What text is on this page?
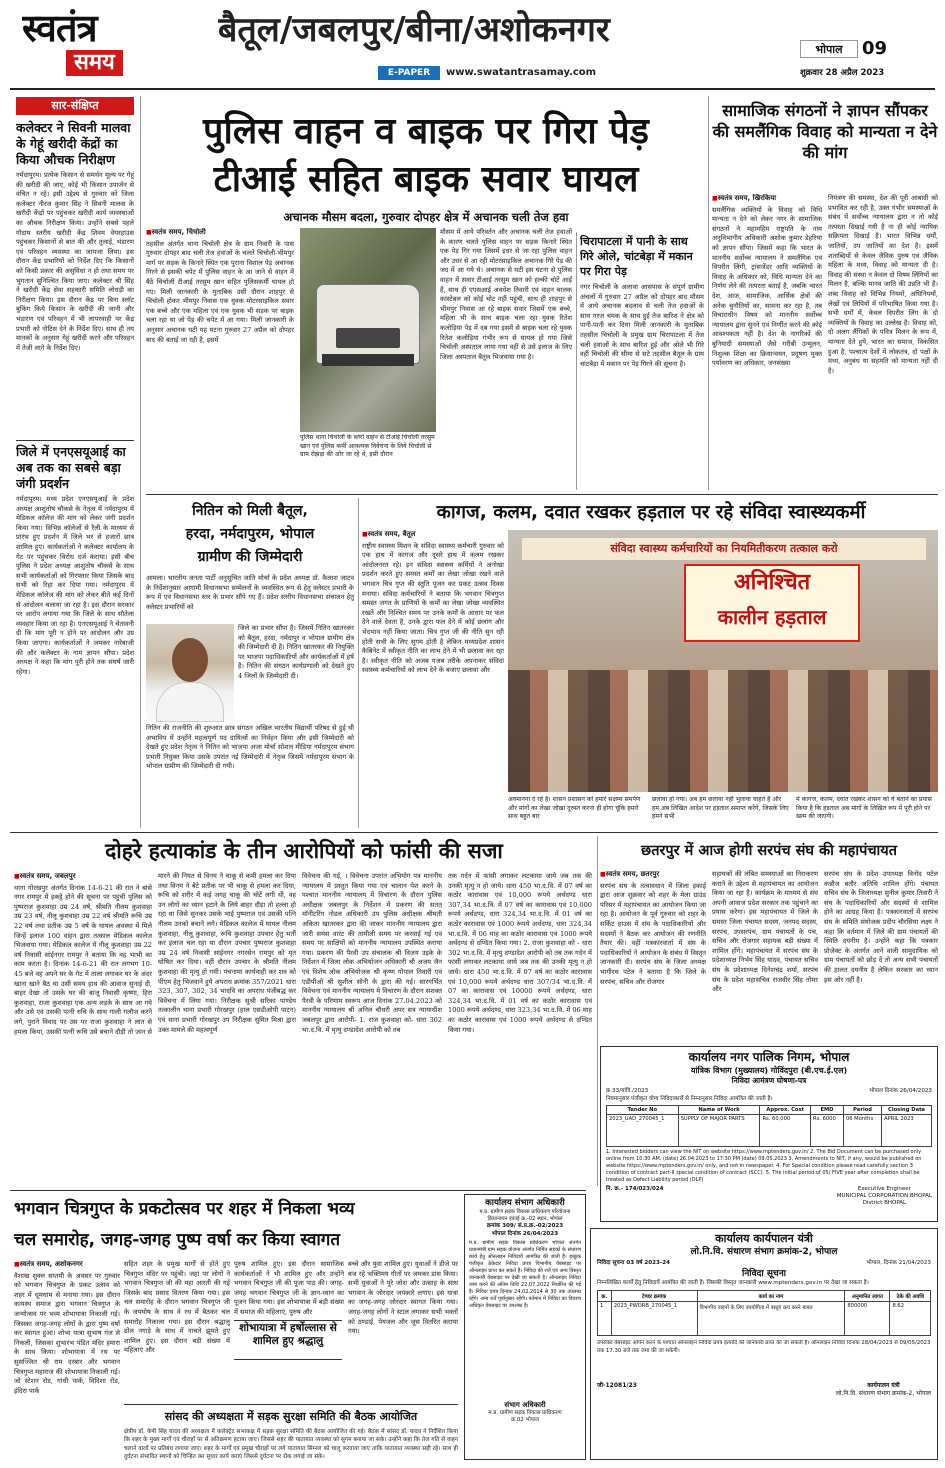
स्वतंत्र
समय
बैतूल/जबलपुर/बीना/अशोकनगर
E-PAPER	www.swatantrasamay.com
भोपाल	09
शुक्रवार 28 अप्रैल 2023
सार-संक्षिप्त
कलेक्टर ने सिवनी मालवा के गेहूं खरीदी केंद्रों का किया औचक निरीक्षण
नर्मदापुरम। प्रत्येक किसान से समर्थन मूल्य पर गेहूं की खरीदी की जाए, कोई भी किसान उपार्जन से वंचित न रहे। इसी उद्देश्य से गुरुवार को जिला कलेक्टर नीरज कुमार सिंह ने सिवनी मालवा के खरीदी केंद्रों पर पहुंचकर खरीदी कार्य व्यवस्थाओं का औचक निरीक्षण किया। उन्होंने सबसे पहले गोदाम स्तरीय खरीदी केंद्र शिवम वेयरहाउस पहुंचकर किसानों से बात की और तुलाई, भंडारण एवं परिवहन व्यवस्था का जायजा लिया। इस दौरान केंद्र प्रभारियों को निर्देश दिए कि किसानों को किसी प्रकार की असुविधा न हो तथा समय पर भुगतान सुनिश्चित किया जाए। कलेक्टर श्री सिंह ने खरीदी केंद्र सेवा सहकारी समिति लोधड़ी का निरीक्षण किया। इस दौरान केंद्र पर बिना स्लॉट बुकिंग किये किसान के खरीदी की जानी और भंडारण एवं परिवहन में भी लापरवाही पर केंद्र प्रभारी को नोटिस देने के निर्देश दिए। साथ ही तय मानकों के अनुसार गेहूं खरीदी करने और परिवहन में तेजी लाने के निर्देश दिए।
जिले में एनएसयूआई का अब तक का सबसे बड़ा जंगी प्रदर्शन
नर्मदापुरम। मध्य प्रदेश एनएसयूआई के प्रदेश अध्यक्ष आशुतोष चौकसे के नेतृत्व में नर्मदापुरम में मेडिकल कॉलेज की मांग को लेकर जंगी प्रदर्शन किया गया। विभिन्न कॉलेजों से रैली के माध्यम से प्रारंभ हुए प्रदर्शन में जिले भर से हजारों छात्र शामिल हुए। कार्यकर्ताओं ने कलेक्टर कार्यालय के गेट पर पहुंचकर विरोध दर्ज कराया। इसी बीच पुलिस ने प्रदेश अध्यक्ष आशुतोष चौकसे के साथ सभी कार्यकर्ताओं को गिरफ्तार किया जिसके बाद सभी को रिहा कर दिया गया। नर्मदापुरम में मेडिकल कॉलेज की मांग को लेकर बीते कई दिनों से आंदोलन चलाया जा रहा है। इस दौरान सरकार पर आरोप लगाया गया कि जिले के साथ सौतेला व्यवहार किया जा रहा है। एनएसयूआई ने चेतावनी दी कि मांग पूरी न होने पर आंदोलन और उग्र किया जाएगा। कार्यकर्ताओं ने जमकर नारेबाजी की और कलेक्टर के नाम ज्ञापन सौंपा। प्रदेश अध्यक्ष ने कहा कि मांग पूरी होने तक संघर्ष जारी रहेगा।
पुलिस वाहन व बाइक पर गिरा पेड़
टीआई सहित बाइक सवार घायल
अचानक मौसम बदला, गुरुवार दोपहर क्षेत्र में अचानक चली तेज हवा
■ स्वतंत्र समय, चिचोली
तहसील अंतर्गत थाना चिचोली क्षेत्र के ग्राम निवारी के पास गुरुवार दोपहर बाद चली तेज हवाओं के चलते चिचोली-भीमपुर मार्ग पर सड़क के किनारे स्थित एक पुराना विशाल पेड़ अचानक गिरने से इसकी चपेट में पुलिस वाहन के आ जाने से वाहन में बैठे चिचोली टीआई तरसुम खान सहित पुलिसकर्मी घायल हो गए। मिली जानकारी के मुताबिक उसी दौरान शाहपुर से चिचोली होकर भीमपुर निवास एक युवक मोटरसाइकिल सवार एक बच्चे और एक महिला एवं एक युवक भी सड़क पर बाइक चला रहा था जो पेड़ की चपेट में आ गया। मिली जानकारी के अनुसार अचानक घटी यह घटना गुरुवार 27 अप्रैल को दोपहर बाद की बताई जा रही है, इसमें
पुलिस थाना चिचोली के ब्लेरो वाहन से टीआई चिचोली तरसुम खान एवं पुलिस कर्मी आवश्यक विवेचना के लिये चिचोली से ग्राम रोझड़ा की ओर जा रहे थे, इसी दौरान
मौसम में आये परिवर्तन और अचानक चली तेज हवाओं के कारण चलते पुलिस वाहन पर सड़क किनारे स्थित एक पेड़ गिर गया जिसमें इधर से जा रहा पुलिस वाहन और उधर से आ रही मोटरसाइकिल अचानक गिरे पेड़ की जद में आ गये थे। अचानक से घटी इस घटना से पुलिस वाहन में सवार टीआई तरसुम खान को हल्की चोटें आईं हैं, साथ ही एएसआई अवधेश तिवारी एवं वाहन चालक कांस्टेबल को कोई चोट नहीं पहुंची, साथ ही शाहपुर से भीमपुर निवास आ रहे बाइक सवार जिसमें एक बच्चे, महिला भी के साथ बाइक चला रहा युवक रितेश कलोड़िया पेड़ में दब गया इसमें से बाइक चला रहे युवक रितेश कलोड़िया गंभीर रूप से घायल हो गया जिसे चिचोली अस्पताल लाया गया वहीं से उसे इलाज के लिए जिला अस्पताल बैतूल भिजवाया गया है।
चिरापाटला में पानी के साथ गिरे ओले, चांटबेड़ा में मकान पर गिरा पेड़
नगर चिचोली के अलावा आसपास के संपूर्ण ग्रामीण अंचलों में गुरुवार 27 अप्रैल को दोपहर बाद मौसम में आये अचानक बदलाव से चली तेज हवाओं के साथ गरज चमक के साथ हुई तेज बारिश ने क्षेत्र को पानी-पानी कर दिया मिली जानकारी के मुताबिक तहसील चिचोली के प्रमुख ग्राम चिरापाटला में तेज चली हवाओं के साथ बारिश हुई और ओले भी गिरे वहीं चिचोली की सीमा से सटे तहसील बैतूल के ग्राम चांटबेड़ा में मकान पर पेड़ गिरने की सूचना है।
सामाजिक संगठनों ने ज्ञापन सौंपकर की समलैंगिक विवाह को मान्यता न देने की मांग
■ स्वतंत्र समय, खिरकिया
समलैंगिक व्यक्तियों के विवाह को विधि मान्यता न देने को लेकर नगर के सामाजिक संगठनों ने महामहिम राष्ट्रपति के नाम अनुविभागीय अधिकारी अशोक कुमार डेहरिया को ज्ञापन सौंपा। जिसमें कहा कि भारत के माननीय सर्वोच्च न्यायालय ने समलैंगिक एवं विपरीत लिंगी, ट्रांसजेंडर आदि व्यक्तियों के विवाह के अधिकार को, विधि मान्यता देने का निर्णय लेने की तत्परता बताई है, जबकि भारत देश, आज, सामाजिक, आर्थिक क्षेत्रों की अनेक चुनौतियों का, सामना कर रहा है, तब विचाराधीन विषय को माननीय सर्वोच्च न्यायालय द्वारा सुनने एवं निर्णीत करने की कोई आवश्यकता नहीं है। देश के नागरिकों की बुनियादी समस्याओं जैसे गरीबी उन्मूलन, निशुल्क शिक्षा का क्रियान्वयन, प्रदूषण मुक्त पर्यावरण का अधिकार, जनसंख्या
नियंत्रण की समस्या, देश की पूरी आबादी को प्रभावित कर रही है, उक्त गंभीर समस्याओं के संबंध में सर्वोच्च न्यायालय द्वारा न तो कोई तत्परता दिखाई गयी है ना ही कोई न्यायिक सक्रियता दिखाई है। भारत विभिन्न धर्मों, जातियों, उप जातियों का देश है। इसमें शताब्दियों से केवल जैविक पुरुष एवं जैविक महिला के मध्य, विवाह को मान्यता दी है। विवाह की संस्था न केवल दो विषम लिंगियों का मिलन है, बल्कि मानव जाति की उन्नति भी है। शब्द विवाह को विभिन्न नियमों, अधिनियमों, लेखों एवं लिपियों में परिभाषित किया गया है। सभी धर्मों में, केवल विपरीत लिंग के दो व्यक्तियों के विवाह का उल्लेख है। विवाह को, दो अलग लैंगिकों के पवित्र मिलन के रूप में, मान्यता देते हुये, भारत का समाज, विकसित हुआ है, पश्चात्य देशों में लोकतंत्र, दो पक्षों के मध्य, अनुबंध या सहमति को मान्यता नहीं दी है।
नितिन को मिली बैतूल,
हरदा, नर्मदापुरम, भोपाल
ग्रामीण की जिम्मेदारी
आमला। भारतीय जनता पार्टी अनुसूचित जाति मोर्चा के प्रदेश अध्यक्ष डॉ. कैलाश जाटव के निर्देशानुसार आगामी विधानसभा सम्मेलनों के व्यवस्थित रूप से हेतु क्लेस्टर प्रभारी के रूप में एवं विधानसभा स्तर के प्रभार सौंपे गए हैं। प्रदेश स्तरीय विधानसभा संचालन हेतु क्लेस्टर प्रभारियों को
जिले का प्रभार सौंपा है। जिसमें नितिन खातरकर को बैतूल, हरदा, नर्मदापुर व भोपाल ग्रामीण क्षेत्र की जिम्मेदारी दी है। नितिन खातरकर की नियुक्ति पर भाजपा पदाधिकारियों और कार्यकर्ताओं में हर्ष है। नितिन की संगठन कार्यप्रणाली को देखते हुए 4 जिलों के जिम्मेदारी दी।
नितिन की राजनीति की शुरुआत छात्र संगठन अखिल भारतीय विद्यार्थी परिषद से हुई थी अभाविप में उन्होंने महत्वपूर्ण पद दायित्वों का निर्वहन किया और इसी जिम्मेदारी को देखते हुए प्रदेश नेतृत्व ने नितिन को भाजपा अजा मोर्चा सोशल मीडिया नर्मदापुरम संभाग प्रभारी नियुक्त किया उसके उपरांत नई जिम्मेदारी में नेतृत्व जिसमें नर्मदापुरम संभाग के भोपाल ग्रामीण की जिम्मेदारी दी गयी।
कागज, कलम, दवात रखकर हड़ताल पर रहे संविदा स्वास्थ्यकर्मी
■ स्वतंत्र समय, बैतूल
राष्ट्रीय स्वास्थ्य मिशन के संविदा स्वास्थ्य कर्मचारी गुरुवार को एक हाथ में कागज और दूसरे हाथ में कलम रखकर आंदोलनरत रहे। इन संविदा स्वास्थ्य कर्मियों ने अनोखा प्रदर्शन करते हुए समस्त कर्मों का लेखा जोखा रखने वाले भगवान चित्र गुप्त की स्तुति पूजन कर प्रकट उत्सव दिवस मनाया। संविदा कर्मचारियों ने बताया कि भगवान चित्रगुप्त समस्त जगत के प्राणियों के कर्मों का लेखा जोखा व्यवस्थित रखते और निश्चित समय पर उनके कर्मों के आधार पर फल देने वाले देवता है, उनके द्वारा फल देने में कोई छलांग और भेदभाव नहीं किया जाता। चित्र गुप्त जी की नीति सुन रही होती सभी के लिए सुगम होती है लेकिन मध्यप्रदेश शासन कैबिनेट में स्वीकृत नीति का लाभ देने में भी छलावा कर रहा है। स्वीकृत नीति को अजब गजब तरीके अपनाकर संविदा स्वास्थ्य कर्मचारियों को लाभ देने के बजाए छलावा और
संविदा स्वास्थ्य कर्मचारियों का नियमितीकरण तत्काल करो
अनिश्चित
कालीन हड़ताल
अवमानना दे रहे है। शासन प्रशासन को हमारे सक्षम्य समर्पण और मांगों का लेखा जोखा दुरुस्त करना ही होगा चूंकि हमारे साथ बहुत बार
छलावा हो गया। अब हम छलावा नहीं भुलावा चाहते है और हम अब लिखित आदेश पर हड़ताल समाप्त करेंगे, जिसके लिए हमने सभी
में कागज, कलम, दवात रखकर शासन को ये बताने का प्रयास किया है कि हड़ताल अब मांगों के लिखित रूप में पूरी होने पर खत्म की जाएगी।
दोहरे हत्याकांड के तीन आरोपियों को फांसी की सजा
■ स्वतंत्र समय, जबलपुर
थाना गोरखपुर अंतर्गत दिनांक 14-6-21 की रात ने बांसे नगर रामपुर में इकट्ठे होने की सूचना पर पहुंची पुलिस को पुष्पराज कुशवाहा उम्र 24 वर्ष, श्रीमति नीलम कुशवाहा उम्र 23 वर्ष, नीलू कुशवाहा उम्र 22 वर्ष श्रीमति रूचि उम्र 22 वर्ष तथा प्रतीक उम्र 5 वर्ष के घायल अवस्था में मिले जिन्हें इलाज 100 वाहन द्वारा तत्काल मेडिकल कालेज भिजवाया गया। मेडिकल कालेज में नीलू कुशवाहा उम्र 22 वर्ष निवासी सांईनगर रामपुर ने बताया कि वह भाभी का काम करता है। दिनांक 14-6-21 की रात लगभग 10-45 बजे वह अपने घर के गेट में ताला लगाकर घर के अंदर खाना खाने बैठ था उसी समय हाथ की आवाज सुनाई दी, बाहर देखा तो उसके घर की बाजू निवासी कृष्णा, हिरा कुशवाहा, राजा कुशवाहा एक अन्य लड़के के साथ आ गये और उसे एवं उसकी पत्नी रुचि के साथ गाली गलौज करने लगे, पुराने विवाद पर उस पर राजा कुशवाहा ने लात से हमला किया, उसकी पत्नी रूचि उसे बचाने दौड़ी तो जान से
मारने की नियत से विनय ने चाकू से कमी हमला कर दिया तथा विनय ने बेटे प्रतीक पर भी चाकू से हमला कर दिया, रूचि को शरीर में कई जगह चाकू की चोटें लगी थी, वह उन लोगों का ध्यान हटाने के लिये बाहर दौड़ा तो हल्ला हो रहा था जिसे सुनकर उसके भाई पुष्पराज एवं उसकी पत्नि नीलम उनको बचाने लगे। मेडिकल कालेज में घायल नीलम कुशवाहा, नीलू कुशवाहा, रूचि कुशवाहा उपचार हेतु भर्ती कर इलाज चल रहा था दौरान उपचार पुष्पराज कुशवाहा उम्र 24 वर्ष निवासी सांईनगर नगरसेन रामपुर को मृत घोषित कर दिया। वहीं दौरान उपचार के श्रीमति नीलम कुशवाहा की मृत्यु हो गयी। पंचनामा कार्यवाही कर शव को पीएम हेतु भिजवाने हुये अपराध क्रमांक 357/2021 धारा 323, 307, 302, 34 भादवि का अपराध पंजीबद्ध कर विवेचना में लिया गया। निरीक्षक सुश्री सरिका पाण्डेय तत्कालीन थाना प्रभारी गोरखपुर (हाल एसडीओपी पाटन) एवं थाना प्रभारी गोरखपुर उप निरीक्षक सुमित मिश्रा द्वारा उक्त मामले की महत्वपूर्ण
विवेचना की गई, । विवेचना उपरांत अभियोग पत्र माननीय न्यायालय में प्रस्तुत किया गया एवं चालान पेश करने के पश्चात माननीय न्यायालय में विचारण के दौरान पुलिस अधीक्षक जबलपुर के निर्देशन में प्रकरण की सतत् मॉनीटरिंग नोडल अधिकारी उप पुलिस अधीक्षक श्रीमती अकिता खातरकर द्वारा की जाकर माननीय न्यायालय द्वारा जारी समंस वारंट की तामीली समय पर करवाई गई एवं समय पर साक्षियों को माननीय न्यायालय उपस्थित कराया गया। प्रकरण की पैरवी उप संचालक श्री विजय उइके के निर्देशन में जिला लोक अभियोजन अधिकारी श्री अजय जैन एवं विशेष लोक अभियोजक श्री कृष्ण गोपाल तिवारी एवं एडीपीओ श्री सुशील सोनी के द्वारा की गई। सारगर्भित विवेचना एवं माननीय न्यायालय मे विचारण के दौरान सशक्त पैरवी के परिणाम स्वरूप आज दिनांक 27.04.2023 को माननीय न्यायालय श्री अनिल चौधरी अपर सत्र न्यायाधीश जबलपुर द्वारा आरोपी- 1. राज कुशवाहा को- धारा 302 भा.द.वि. में मृत्यु दण्डादेश आरोपी को तब
तक गर्दन में फांसी लगाकर लटकाया जाये जब तक की उनकी मृत्यु न हो जाये। धारा 450 भा.द.वि. में 07 वर्ष का कठोर कारावास एवं 10,000 रूपये अर्थदण्ड धारा 307,34 भा.द.वि. में 07 वर्ष का कारावास एवं 10,000 रूपये अर्थदण्ड, धारा 324,34 भा.द.वि. में 01 वर्ष का कठोर कारावास एवं 1000 रूपये अर्थदण्ड, धारा 324,34 भा.द.वि. में 06 माह का कठोर कारावास एवं 1000 रूपये अर्थदण्ड से दण्डित किया गया। 2. राजा कुशवाहा को - धारा 302 भा.द.वि. में मृत्यु दण्डादेश आरोपी को तब तक गर्दन में फांसी लगाकर लटकाया जाये जब तक की उनकी मृत्यु न हो जाये। धारा 450 भा.द.वि. में 07 वर्ष का कठोर कारावास एवं 10,000 रूपये अर्थदण्ड धारा 307/34 भा.द.वि. में 07 का कारावास एवं 10000 रूपये अर्थदण्ड, धारा 324,34 भा.द.वि. में 01 वर्ष का कठोर कारावास एवं 1000 रूपये अर्थदण्ड, धारा 323,34 भा.द.वि. में 06 माह का कठोर कारावास एवं 1000 रूपये अर्थदण्ड से दण्डित किया गया।
छतरपुर में आज होगी सरपंच संघ की महापंचायत
■ स्वतंत्र समय, छतरपुर
सरपंच संघ के तत्वावधान में जिला इकाई द्वारा आज शुक्रवार को शहर के मेला ग्राउंड परिसर में महापंचायत का आयोजन किया जा रहा है। आयोजन के पूर्व गुरुवार को शहर के सर्किट हाउस में संघ के पदाधिकारियों और सदस्यों ने बैठक कर आयोजन की रणनीति तैयार की। वहीं पत्रकारवार्ता में संघ के पदाधिकारियों ने आयोजन के संबंध में विस्तृत जानकारी दी। सरपंच संघ के जिला अध्यक्ष भागीरथ पटेल ने बताया है कि जिले के सरपंच, सचिव और रोजगार
सहायकों की लंबित समस्याओं का निराकरण कराने के उद्देश्य से महापंचायत का आयोजन किया जा रहा है। कार्यक्रम के माध्यम से संघ अपनी आवाज प्रदेश सरकार तक पहुंचाने का प्रयास करेगा। इस महापंचायत में जिले के समस्त जिला पंचायत सदस्य, जनपद सदस्य, सरपंच, उपसरपंच, ग्राम पंचायतों के पंच, सचिव और रोजगार सहायक बड़ी संख्या में शामिल होंगे। महापंचायत में सरपंच संघ के प्रदेशाध्यक्ष निर्भय सिंह यादव, पंचायत सचिव संघ के प्रदेशाध्यक्ष दिनेशचंद्र शर्मा, सरपंच संघ के प्रदेश महासचिव राजवीर सिंह तोमर और
सरपंच संघ के प्रदेश उपाध्यक्ष विनोद पटेल कन्नौज बतौर अतिथि शामिल होंगे। पंचायत सचिव संघ के जिलाध्यक्ष सुनील कुमार तिवारी ने संघ के पदाधिकारियों और सदस्यों से शामिल होने का आग्रह किया है। पत्रकारवार्ता में सरपंच संघ के समिति संयोजक प्रदीप चौरसिया लक्ष्य ने कहा कि वर्तमान में जिले की ग्राम पंचायतों की स्थिति दयनीय है। उन्होंने कहा कि पत्रकार प्रोजेक्ट के अंतर्गत आने वाली सामुदायिक को ग्राम पंचायतों को छोड़ दें तो अन्य सभी पंचायतों की हालत दयनीय है लेकिन सरकार का ध्यान इस ओर नहीं है।
कार्यालय नगर पालिक निगम, भोपाल
यांत्रिक विभाग (मुख्यालय) गोविंदपुरा (बी.एच.ई.एल)
निविदा आमंत्रण घोषणा-पत्र
क्र.33/यांत्रि./2023	भोपाल दिनांक 26/04/2023
नियमानुसार पंजीकृत योग्य निविदाकारों से निम्नानुसार निविदा आमंत्रित की जाती है।
Tender No	Name of Work	Approx. Cost	EMD	Period	Closing Date
2023_UAD_270045_1	SUPPLY OF MAJOR PARTS	Rs. 60,000	Rs. 6000	06 Months	APRIL 2023
1. Interested bidders can view the NIT on website https://www.mptenders.gov.in/ 2. The Bid Document can be purchased only online from 10:30 AM. (date) 26.04.2023 to 17:30 PM (date) 09.05.2023 3. Amendments to NIT, if any, would be published on website https://www.mptenders.gov.in/ only, and not in newspaper. 4. For Special condition please read carefully section 3 condition of contract part-II special condition of contract (SCC). 5. The initial period of 05/ FIVE year after completion shall be treated as Defect Liability period (DLP)
नि. क्र.- 174/023/024	Executive Engineer
MUNICIPAL CORPORATION BHOPAL
District BHOPAL
कार्यालय कार्यपालन यंत्री
लो.नि.वि. संधारण संभाग क्रमांक-2, भोपाल
निविदा सूचना 03 वर्ष 2023-24	भोपाल, दिनांक 21/04/2023
निविदा सूचना
निम्नलिखित कार्यों हेतु निविदायें आमंत्रित की जाती है। जिसकी विस्तृत जानकारी www.mptenders.gov.in पर देखा जा सकता है।
क्र.	टेण्डर क्रमांक	कार्य का नाम	अनुमानित लागत	ठेके की अवधि
1	2023_PWDRB_270045_1	विभागीय वाहनों के लिए उपयोगिता में वस्तुएं क्रय करने बाबत	800000	8.62
उपरोक्त वेबसाइट ओपेन करने के पश्चात ऑनलाइन निविदा प्रपत्र इत्यादि की जानकारी प्राप्त की जा सकती है। ऑनलाइन निविदा दिनांक 28/04/2023 से 09/05/2023 तक 17.30 बजे तक जमा की जा सकेगी।
जी-12081/23	कार्यपालन यंत्री
लो.नि.वि. संधारण संभाग क्रमांक-2, भोपाल
भगवान चित्रगुप्त के प्रकटोत्सव पर शहर में निकला भव्य
चल समारोह, जगह-जगह पुष्प वर्षा कर किया स्वागत
■ स्वतंत्र समय, अशोकनगर
वैशाख शुक्ल सप्तमी के अवसर पर गुरुवार को भगवान चित्रगुप्त के प्रकट उत्सव को शहर में धूमधाम से मनाया गया। इस दौरान कायस्थ समाज द्वारा भगवान चित्रगुप्त के जन्मोत्सव पर भव्य शोभायात्रा निकाली गई। जिसका जगह-जगह लोगों के द्वारा पुष्प वर्षा कर स्वागत हुआ। शोभा यात्रा सुभाष गंज से निकली, जिसका शुभारंभ पंडित मंदिर हमारा के साथ किया। शोभायात्रा में रथ पर सुसज्जित श्री राम दरबार और भगवान चित्रगुप्त महाराज की शोभायात्रा निकाली गई। जो स्टेशन रोड, गांधी पार्क, विदिशा रोड, इंदिरा पार्क
सहित शहर के प्रमुख मार्गों से होते हुए चित्रगुप्त मंदिर पर पहुंची। जहां पर लोगों ने भगवान चित्रगुप्त जी की महा आरती की गई जिसके बाद प्रसाद वितरण किया गया। इस चल समारोह के दौरान भगवान चित्रगुप्त जी के जयघोष के साथ वे रथ में बैठकर चल समारोह निकाला गया। इस दौरान श्रद्धालु ढोल नगाड़े के साथ में नाचते झूमते हुए शामिल हुए। इस दौरान बड़ी संख्या में महिलाएं और
पुरुष शामिल हुए। इस दौरान सामाजिक कार्यकर्ताओं ने भी शामिल हुए और उन्होंने भगवान चित्रगुप्त जी की पूजा पाठ की। जगह-जगह भगवान चित्रगुप्त जी के ज्ञान-ध्यान का पूजन किया गया। इस शोभायात्रा में बड़ी संख्या में समाज की महिलाएं, पुरुष और
बच्चे और युवा शामिल हुए। युवाओं ने डीजे पर बज रहे भक्तिमय गीतों पर जमकर डांस किया। सभी युवाओं ने पूरे जोश और उत्साह के साथ भगवान के जोरदार जयकारे लगाए। इस यात्रा का जगह-जगह जोरदार स्वागत किया गया। जगह-जगह लोगों ने स्टाल लगाकर सभी भक्तों को ठण्डाई, पेयजल और जूस वितरित कराया गया।
शोभायात्रा में हर्षोल्लास से शामिल हुए श्रद्धालु
सांसद की अध्यक्षता में सड़क सुरक्षा समिति की बैठक आयोजित
क्षेत्रीय डॉ. केपी सिंह यादव की अध्यक्षता में कलेक्ट्रेट सभाकक्ष में सड़क सुरक्षा समिति की बैठक आयोजित की गई। बैठक में सांसद डॉ. यादव ने निर्देशित किया कि शहर के मुख्य मार्गों एवं चौराहों पर से अतिक्रमण हटाया जाए। जिससे शहर की यातायात व्यवस्था को सुगम बनाया जा सके। उन्होंने कहा कि तेज गति से वाहन चलाने वालों पर प्रतिबंध लगाया जाए। शहर के मार्गों एवं प्रमुख चौराहों पर लगे यातायात सिग्नल को चालू करवाया जाए ताकि यातायात व्यवस्था सही रहे। साथ ही दुर्घटना संभावित स्थानों को चिन्हित कर सुधार कार्य कराएं जिससे दुर्घटना पर रोक लगाई जा सके।
कार्यालय संभाग अधिकारी
म.प्र. ग्रामीण सड़क विकास प्राधिकरण परियोजना क्रियान्वयन इकाई क्र.-02 स्थान, भोपाल
क्रमांक 309/ सं.प्र.क्र.-02/2023
भोपाल दिनांक 26/04/2023
म.प्र. ग्रामीण सड़क विकास प्राधिकरण भोपाल अंतर्गत प्रधानमंत्री ग्राम सड़क योजना अंतर्गत निर्मित सड़कों के संधारण कार्य हेतु ऑनलाइन निविदायें आमंत्रित की जाती हैं। इच्छुक पंजीकृत ठेकेदार निविदा प्रपत्र विभागीय वेबसाइट पर ऑनलाइन प्राप्त कर सकते हैं। निविदा की शर्तें एवं अन्य विस्तृत जानकारी वेबसाइट पर देखी जा सकती है। ऑनलाइन निविदा जमा करने की अंतिम तिथि 22.07.2022 निर्धारित की गई है। निविदा प्रपत्र दिनांक 24.02.2014 से 30 तक उपलब्ध रहेंगे। अन्य शर्तें पूर्वानुसार रहेंगी। वर्तमान में निविदा का विवरण अधिकृत वेबसाइट पर उपलब्ध है।
संभाग अधिकारी
म.प्र. ग्रामीण सड़क विकास प्राधिकरण
क्र.02 भोपाल
